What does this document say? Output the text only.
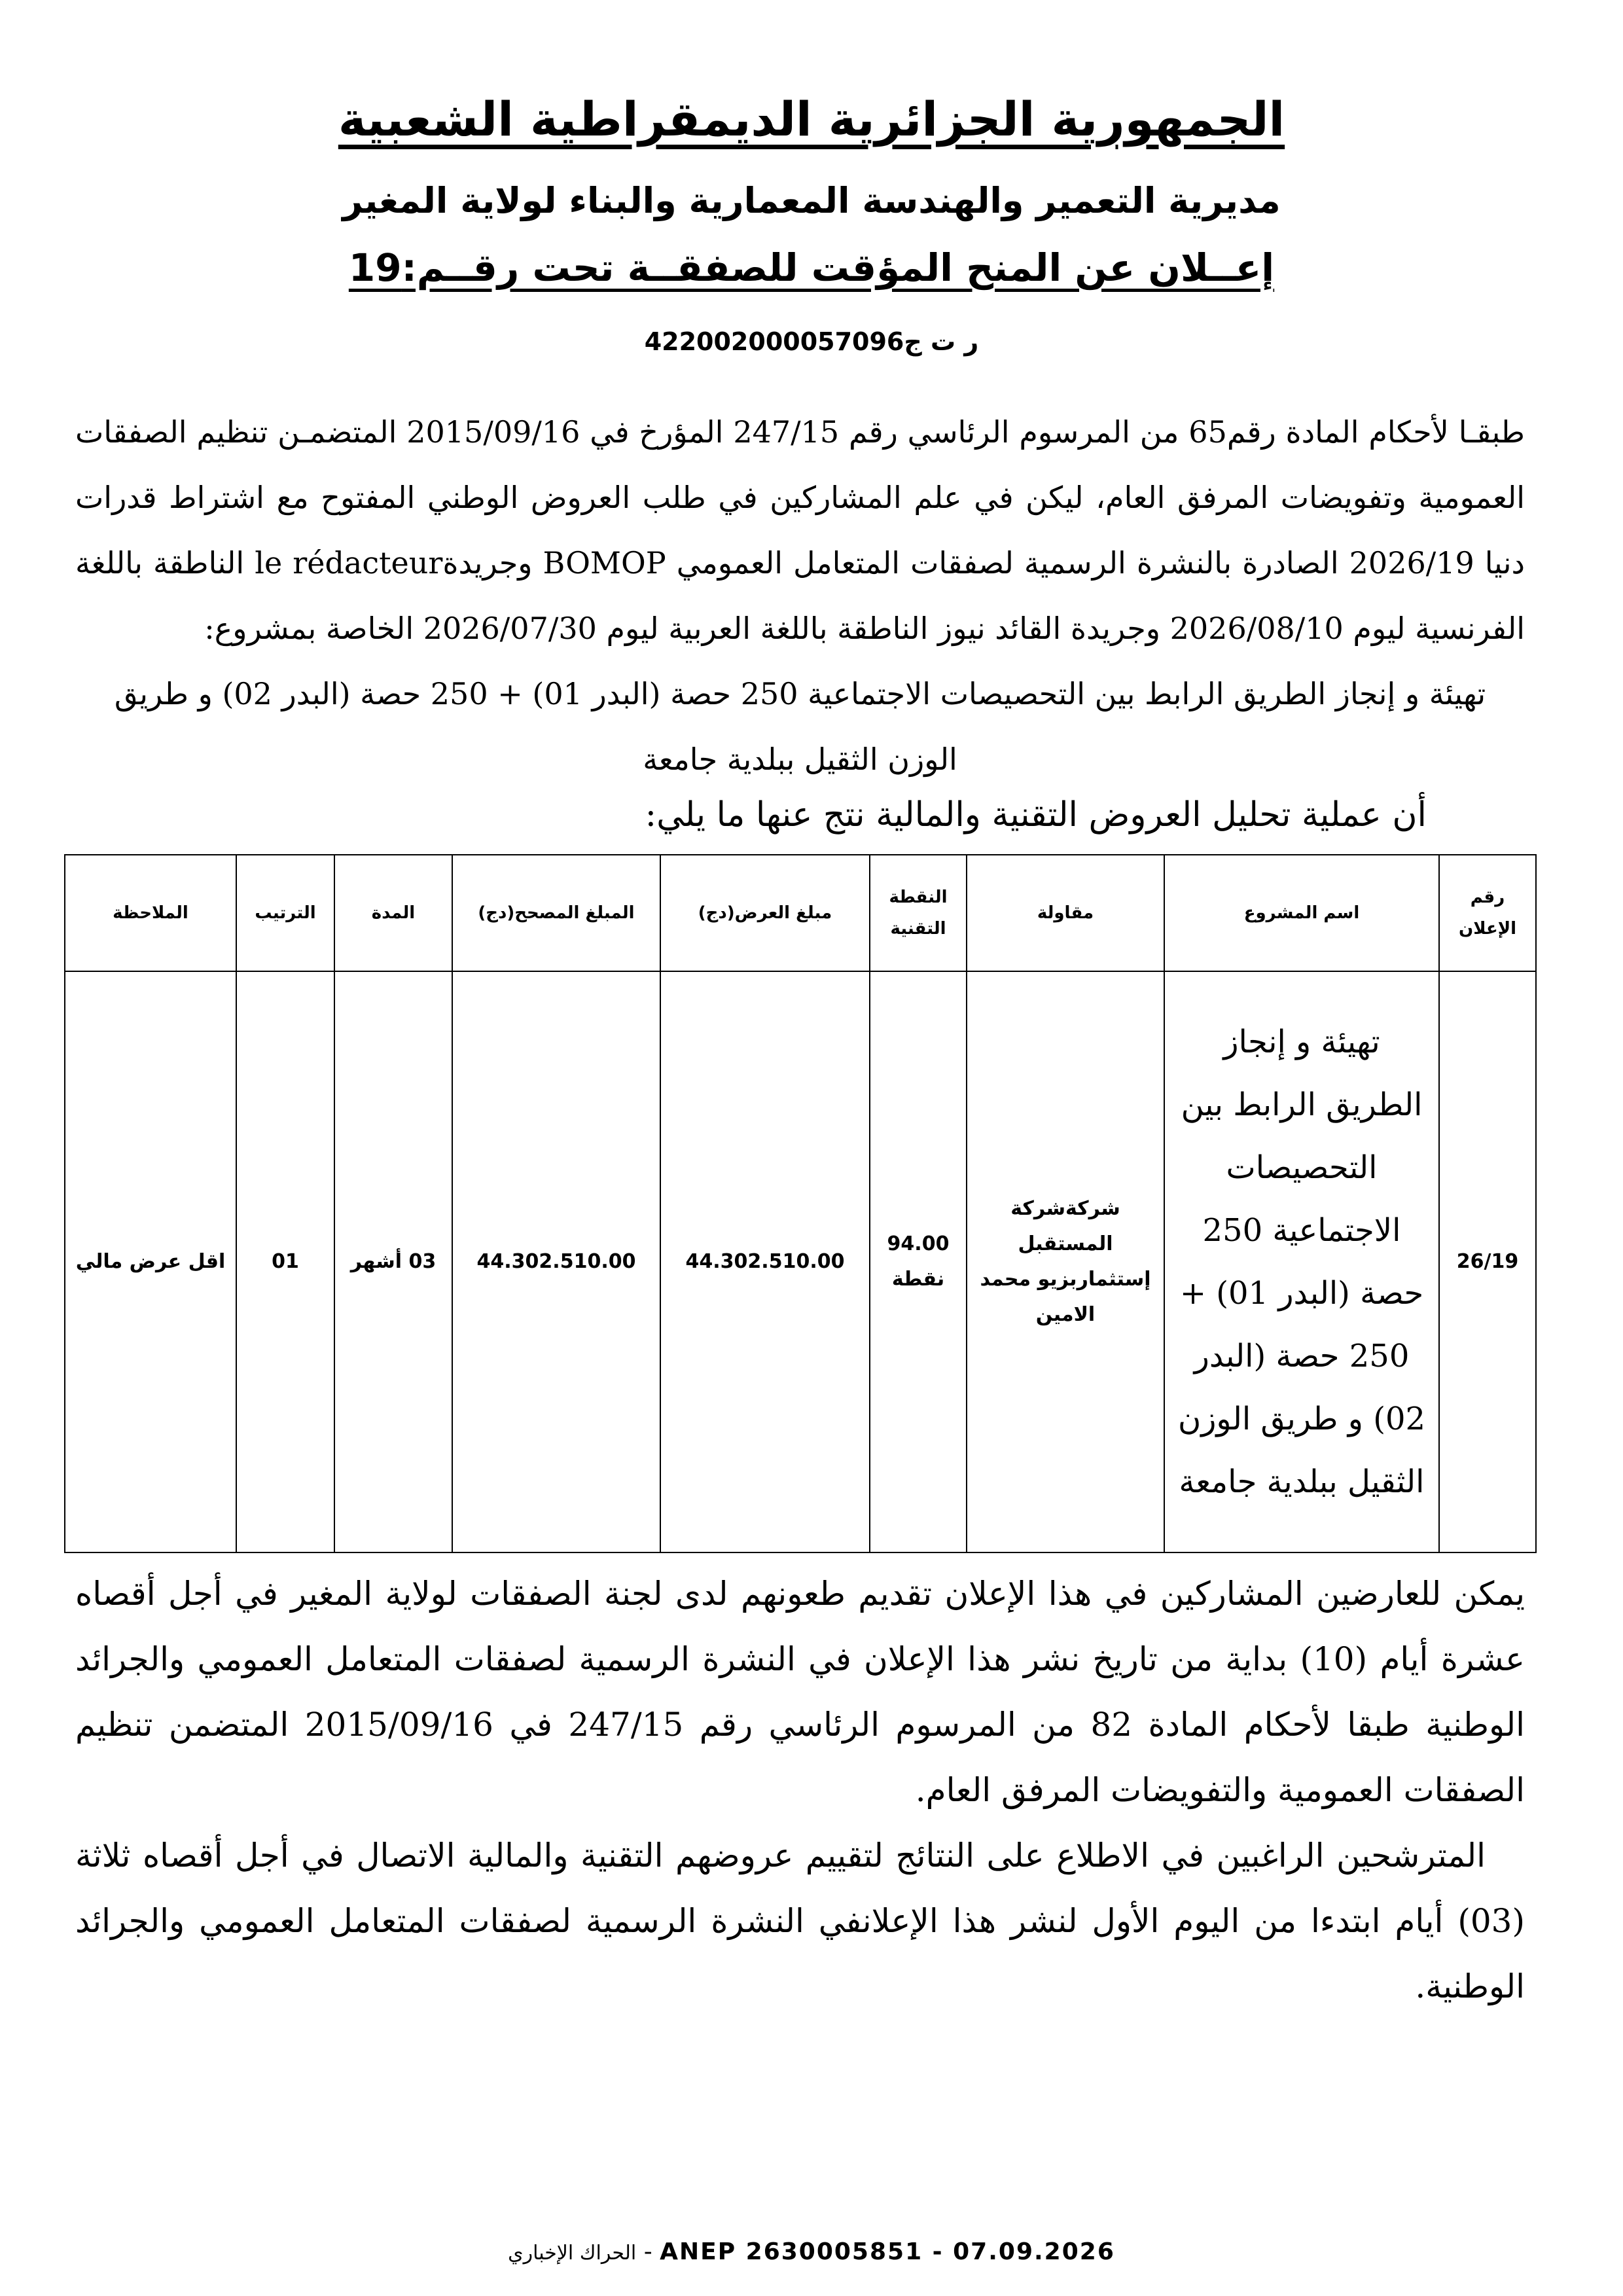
الجمهورية الجزائرية الديمقراطية الشعبية
مديرية التعمير والهندسة المعمارية والبناء لولاية المغير
إعــلان عن المنح المؤقت للصفقــة تحت رقــم:19
ر ت ج422002000057096

طبقـا لأحكام المادة رقم65 من المرسوم الرئاسي رقم 247/15 المؤرخ في 2015/09/16 المتضمـن تنظيم الصفقات العمومية وتفويضات المرفق العام، ليكن في علم المشاركين في طلب العروض الوطني المفتوح مع اشتراط قدرات دنيا 2026/19 الصادرة بالنشرة الرسمية لصفقات المتعامل العمومي BOMOP وجريدةle rédacteur الناطقة باللغة الفرنسية ليوم 2026/08/10 وجريدة القائد نيوز الناطقة باللغة العربية ليوم 2026/07/30 الخاصة بمشروع:

تهيئة و إنجاز الطريق الرابط بين التحصيصات الاجتماعية 250 حصة (البدر 01) + 250 حصة (البدر 02) و طريق الوزن الثقيل ببلدية جامعة

أن عملية تحليل العروض التقنية والمالية نتج عنها ما يلي:
رقم الإعلان	اسم المشروع	مقاولة	النقطة التقنية	مبلغ العرض(دج)	المبلغ المصحح(دج)	المدة	الترتيب	الملاحظة
26/19	تهيئة و إنجاز الطريق الرابط بين التحصيصات الاجتماعية 250 حصة (البدر 01) + 250 حصة (البدر 02) و طريق الوزن الثقيل ببلدية جامعة	شركةشركة المستقبل إستثماربزيو محمد الامين	94.00 نقطة	44.302.510.00	44.302.510.00	03 أشهر	01	اقل عرض مالي

يمكن للعارضين المشاركين في هذا الإعلان تقديم طعونهم لدى لجنة الصفقات لولاية المغير في أجل أقصاه عشرة أيام (10) بداية من تاريخ نشر هذا الإعلان في النشرة الرسمية لصفقات المتعامل العمومي والجرائد الوطنية طبقا لأحكام المادة 82 من المرسوم الرئاسي رقم 247/15 في 2015/09/16 المتضمن تنظيم الصفقات العمومية والتفويضات المرفق العام.

المترشحين الراغبين في الاطلاع على النتائج لتقييم عروضهم التقنية والمالية الاتصال في أجل أقصاه ثلاثة (03) أيام ابتدءا من اليوم الأول لنشر هذا الإعلانفي النشرة الرسمية لصفقات المتعامل العمومي والجرائد الوطنية.

الحراك الإخباري - ANEP 2630005851 - 07.09.2026
